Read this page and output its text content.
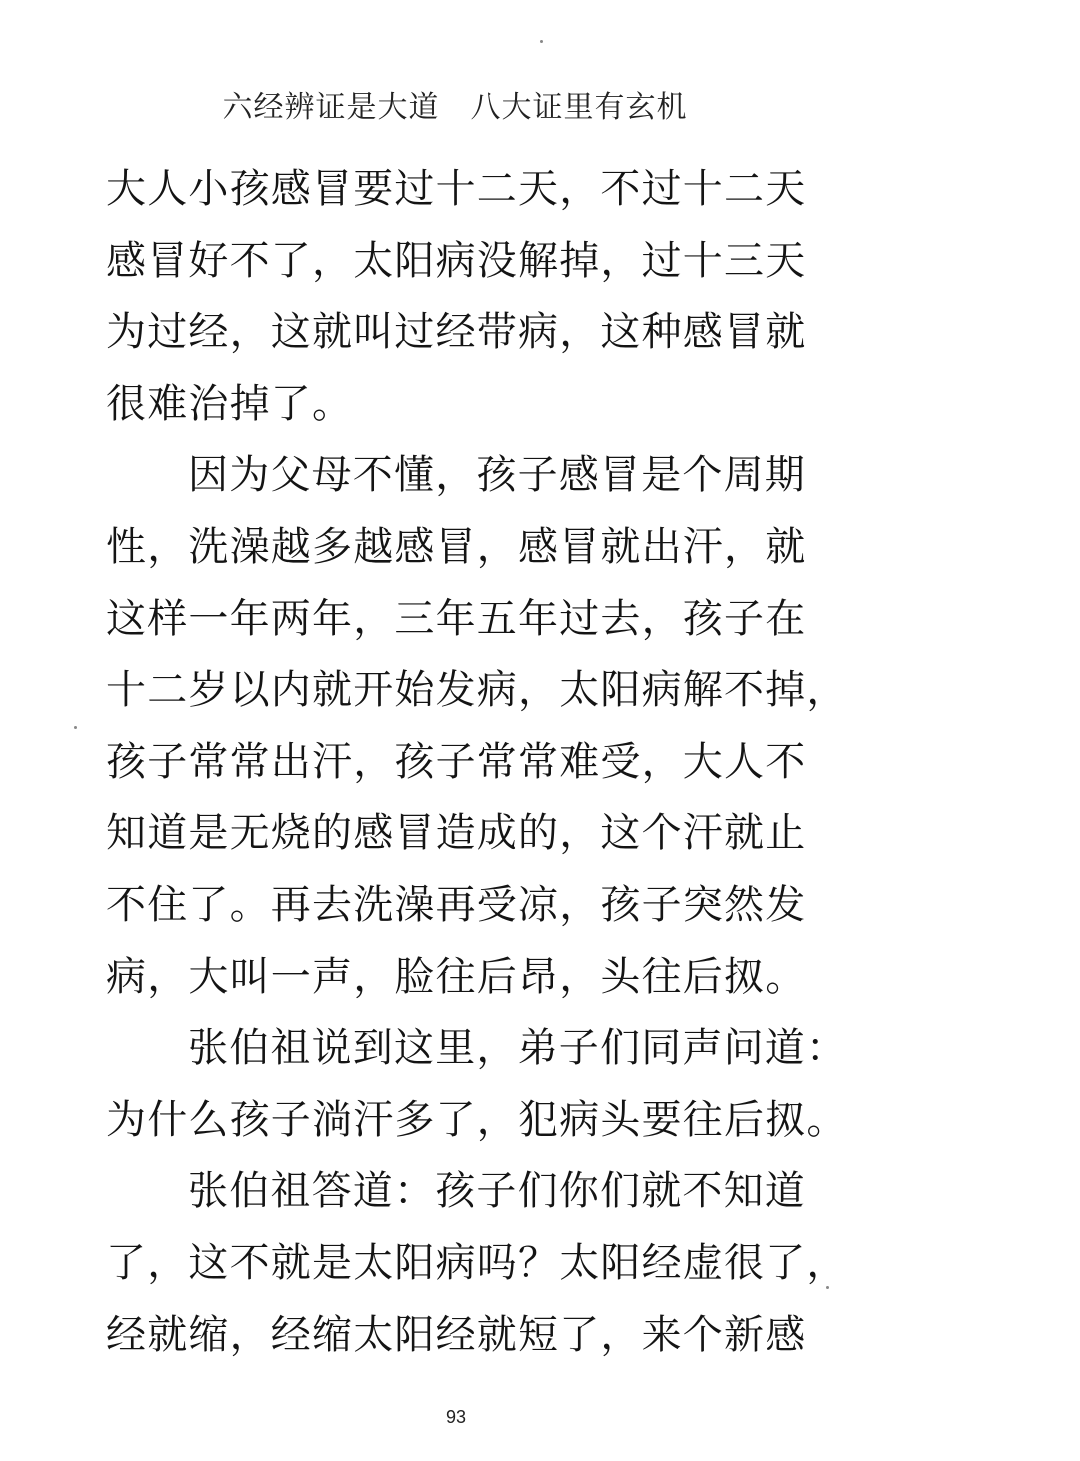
六经辨证是大道　八大证里有玄机
大人小孩感冒要过十二天，不过十二天
感冒好不了，太阳病没解掉，过十三天
为过经，这就叫过经带病，这种感冒就
很难治掉了。
因为父母不懂，孩子感冒是个周期
性，洗澡越多越感冒，感冒就出汗，就
这样一年两年，三年五年过去，孩子在
十二岁以内就开始发病，太阳病解不掉，
孩子常常出汗，孩子常常难受，大人不
知道是无烧的感冒造成的，这个汗就止
不住了。再去洗澡再受凉，孩子突然发
病，大叫一声，脸往后昂，头往后㧐。
张伯祖说到这里，弟子们同声问道：
为什么孩子淌汗多了，犯病头要往后㧐。
张伯祖答道：孩子们你们就不知道
了，这不就是太阳病吗？太阳经虚很了，
经就缩，经缩太阳经就短了，来个新感
93
